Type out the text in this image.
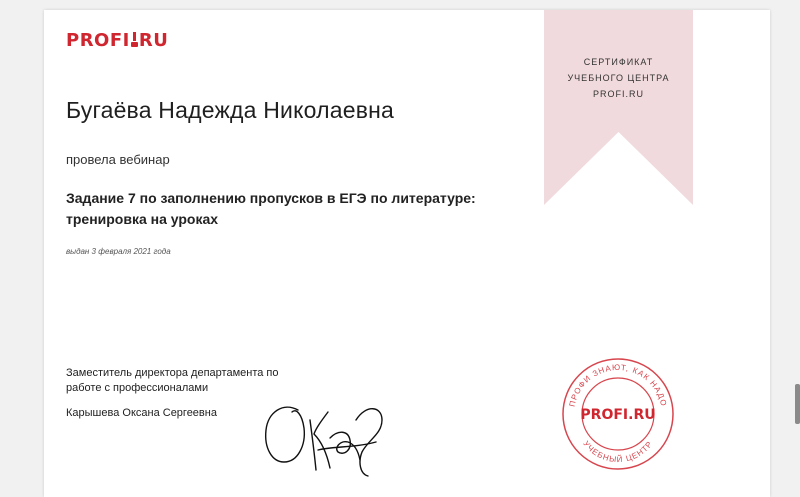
PROFI RU
Бугаёва Надежда Николаевна
провела вебинар
Задание 7 по заполнению пропусков в ЕГЭ по литературе: тренировка на уроках
выдан 3 февраля 2021 года
Заместитель директора департамента по работе с профессионалами
Карышева Оксана Сергеевна
СЕРТИФИКАТ
УЧЕБНОГО ЦЕНТРА
PROFI.RU
ПРОФИ ЗНАЮТ, КАК НАДО
УЧЕБНЫЙ ЦЕНТР
PROFI.RU
